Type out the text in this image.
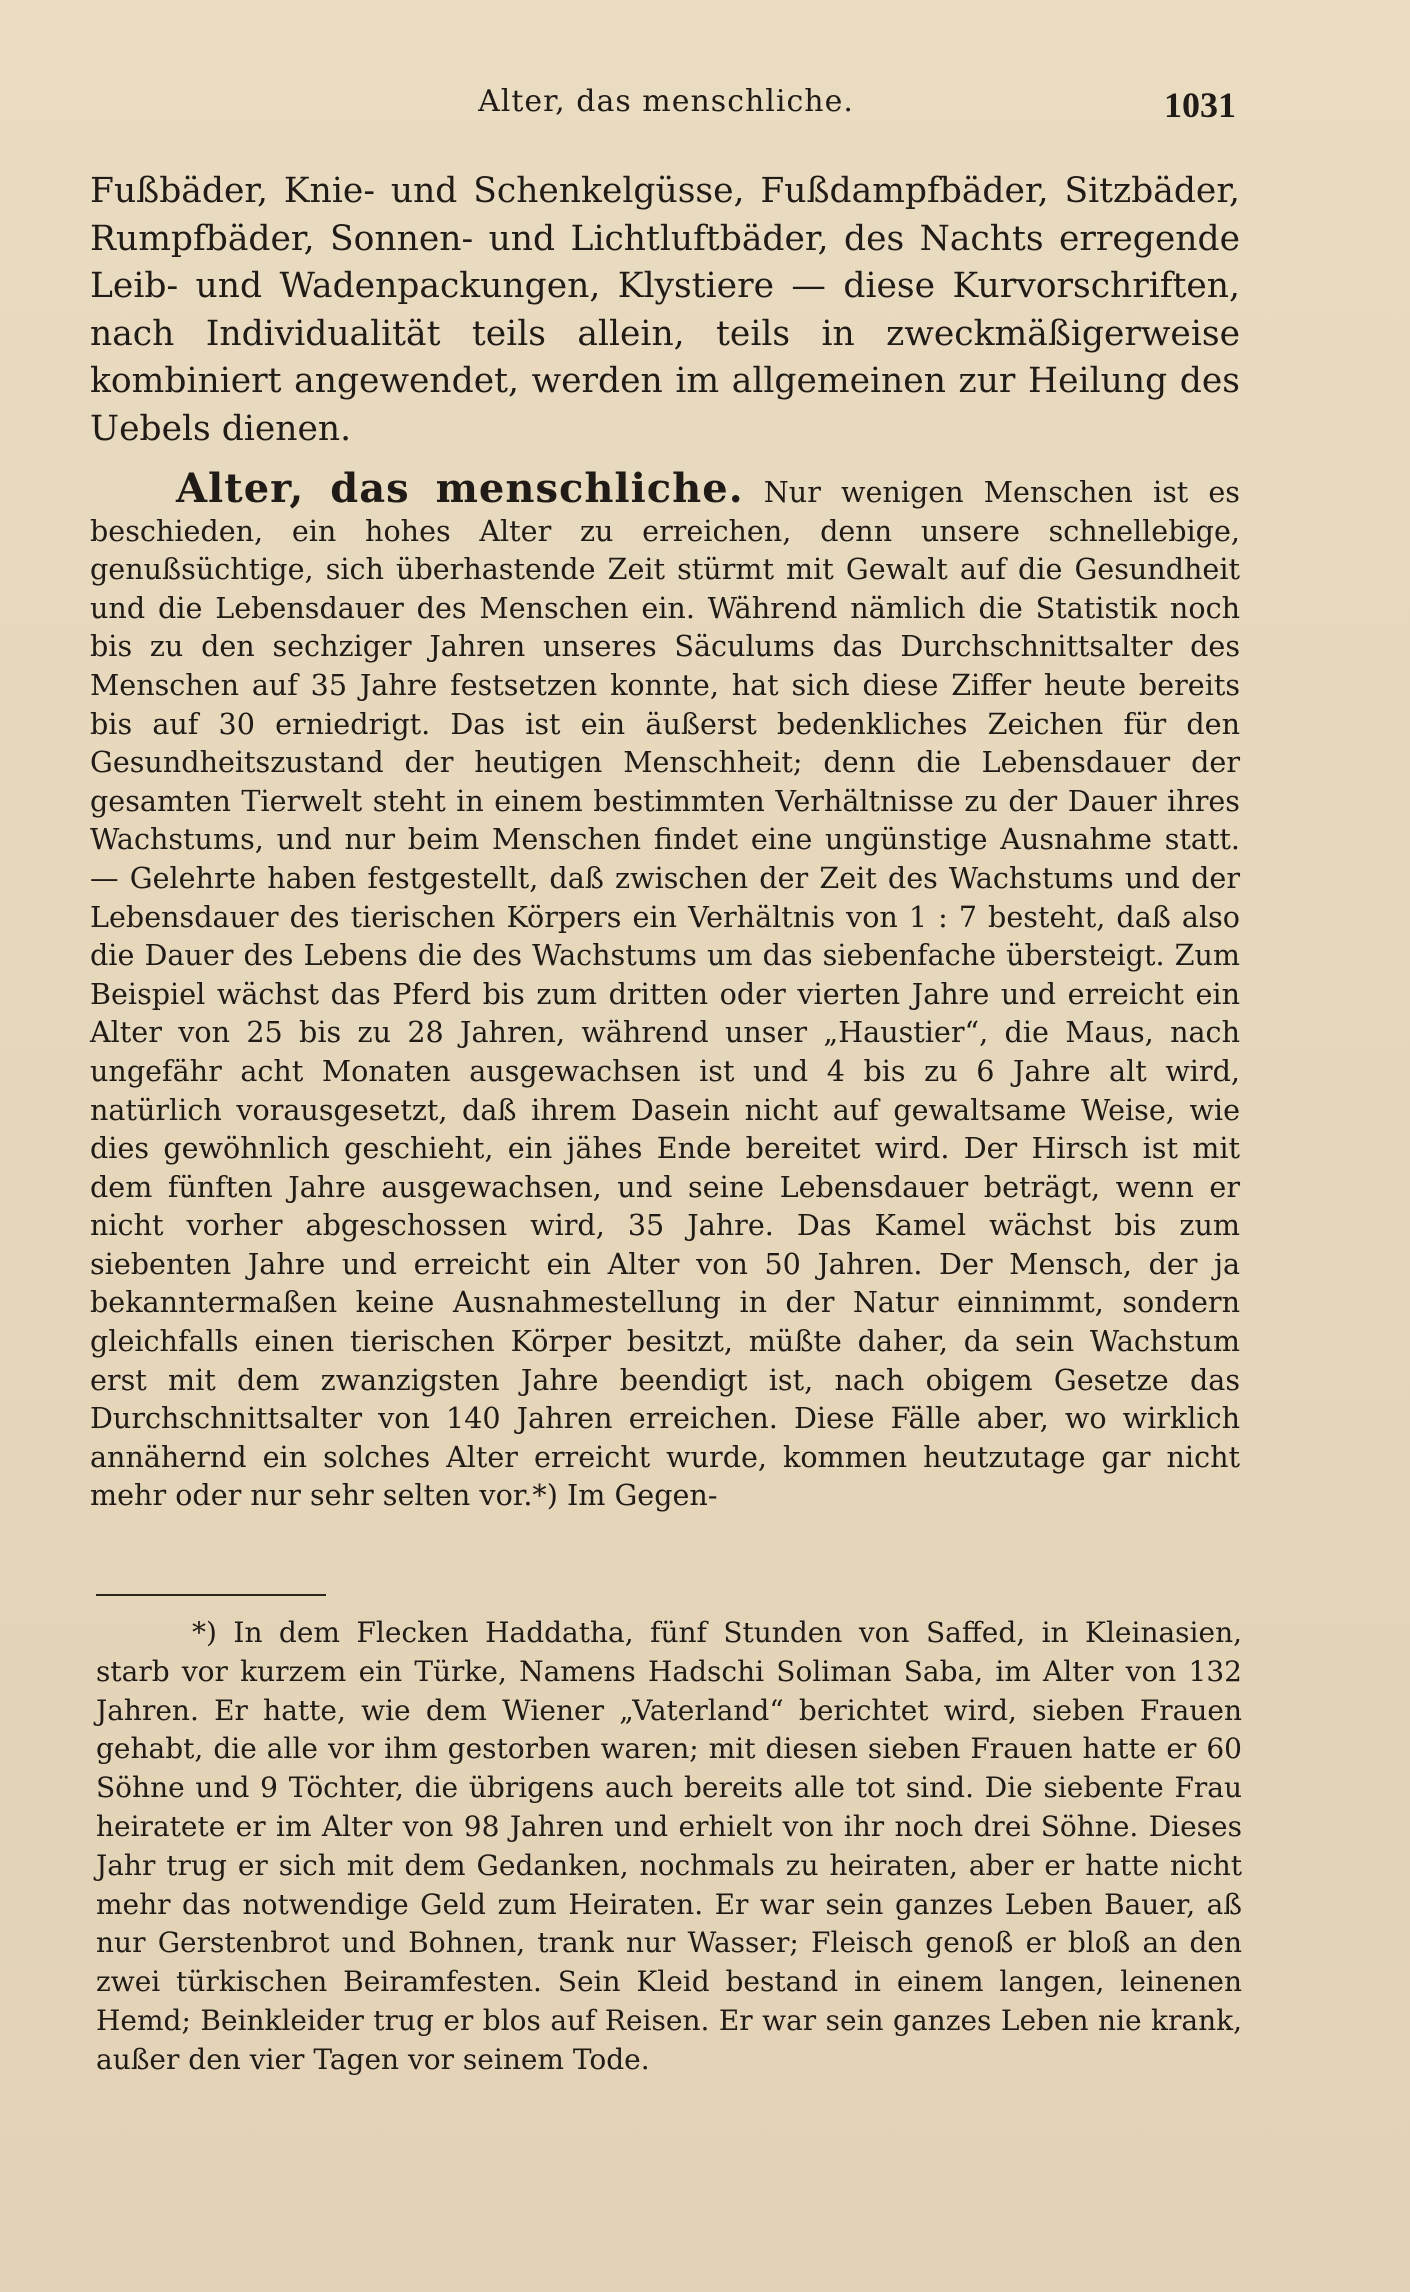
Alter, das menschliche.	1031

Fußbäder, Knie- und Schenkelgüsse, Fußdampfbäder, Sitzbäder, Rumpfbäder, Sonnen- und Lichtluftbäder, des Nachts erregende Leib- und Wadenpackungen, Klystiere — diese Kurvorschriften, nach Individualität teils allein, teils in zweckmäßigerweise kombiniert angewendet, werden im allgemeinen zur Heilung des Uebels dienen.

Alter, das menschliche. Nur wenigen Menschen ist es beschieden, ein hohes Alter zu erreichen, denn unsere schnellebige, genußsüchtige, sich überhastende Zeit stürmt mit Gewalt auf die Gesundheit und die Lebensdauer des Menschen ein. Während nämlich die Statistik noch bis zu den sechziger Jahren unseres Säculums das Durchschnittsalter des Menschen auf 35 Jahre festsetzen konnte, hat sich diese Ziffer heute bereits bis auf 30 erniedrigt. Das ist ein äußerst bedenkliches Zeichen für den Gesundheitszustand der heutigen Menschheit; denn die Lebensdauer der gesamten Tierwelt steht in einem bestimmten Verhältnisse zu der Dauer ihres Wachstums, und nur beim Menschen findet eine ungünstige Ausnahme statt. — Gelehrte haben festgestellt, daß zwischen der Zeit des Wachstums und der Lebensdauer des tierischen Körpers ein Verhältnis von 1 : 7 besteht, daß also die Dauer des Lebens die des Wachstums um das siebenfache übersteigt. Zum Beispiel wächst das Pferd bis zum dritten oder vierten Jahre und erreicht ein Alter von 25 bis zu 28 Jahren, während unser „Haustier“, die Maus, nach ungefähr acht Monaten ausgewachsen ist und 4 bis zu 6 Jahre alt wird, natürlich vorausgesetzt, daß ihrem Dasein nicht auf gewaltsame Weise, wie dies gewöhnlich geschieht, ein jähes Ende bereitet wird. Der Hirsch ist mit dem fünften Jahre ausgewachsen, und seine Lebensdauer beträgt, wenn er nicht vorher abgeschossen wird, 35 Jahre. Das Kamel wächst bis zum siebenten Jahre und erreicht ein Alter von 50 Jahren. Der Mensch, der ja bekanntermaßen keine Ausnahmestellung in der Natur einnimmt, sondern gleichfalls einen tierischen Körper besitzt, müßte daher, da sein Wachstum erst mit dem zwanzigsten Jahre beendigt ist, nach obigem Gesetze das Durchschnittsalter von 140 Jahren erreichen. Diese Fälle aber, wo wirklich annähernd ein solches Alter erreicht wurde, kommen heutzutage gar nicht mehr oder nur sehr selten vor.*) Im Gegen-

*) In dem Flecken Haddatha, fünf Stunden von Saffed, in Kleinasien, starb vor kurzem ein Türke, Namens Hadschi Soliman Saba, im Alter von 132 Jahren. Er hatte, wie dem Wiener „Vaterland“ berichtet wird, sieben Frauen gehabt, die alle vor ihm gestorben waren; mit diesen sieben Frauen hatte er 60 Söhne und 9 Töchter, die übrigens auch bereits alle tot sind. Die siebente Frau heiratete er im Alter von 98 Jahren und erhielt von ihr noch drei Söhne. Dieses Jahr trug er sich mit dem Gedanken, nochmals zu heiraten, aber er hatte nicht mehr das notwendige Geld zum Heiraten. Er war sein ganzes Leben Bauer, aß nur Gerstenbrot und Bohnen, trank nur Wasser; Fleisch genoß er bloß an den zwei türkischen Beiramfesten. Sein Kleid bestand in einem langen, leinenen Hemd; Beinkleider trug er blos auf Reisen. Er war sein ganzes Leben nie krank, außer den vier Tagen vor seinem Tode.
